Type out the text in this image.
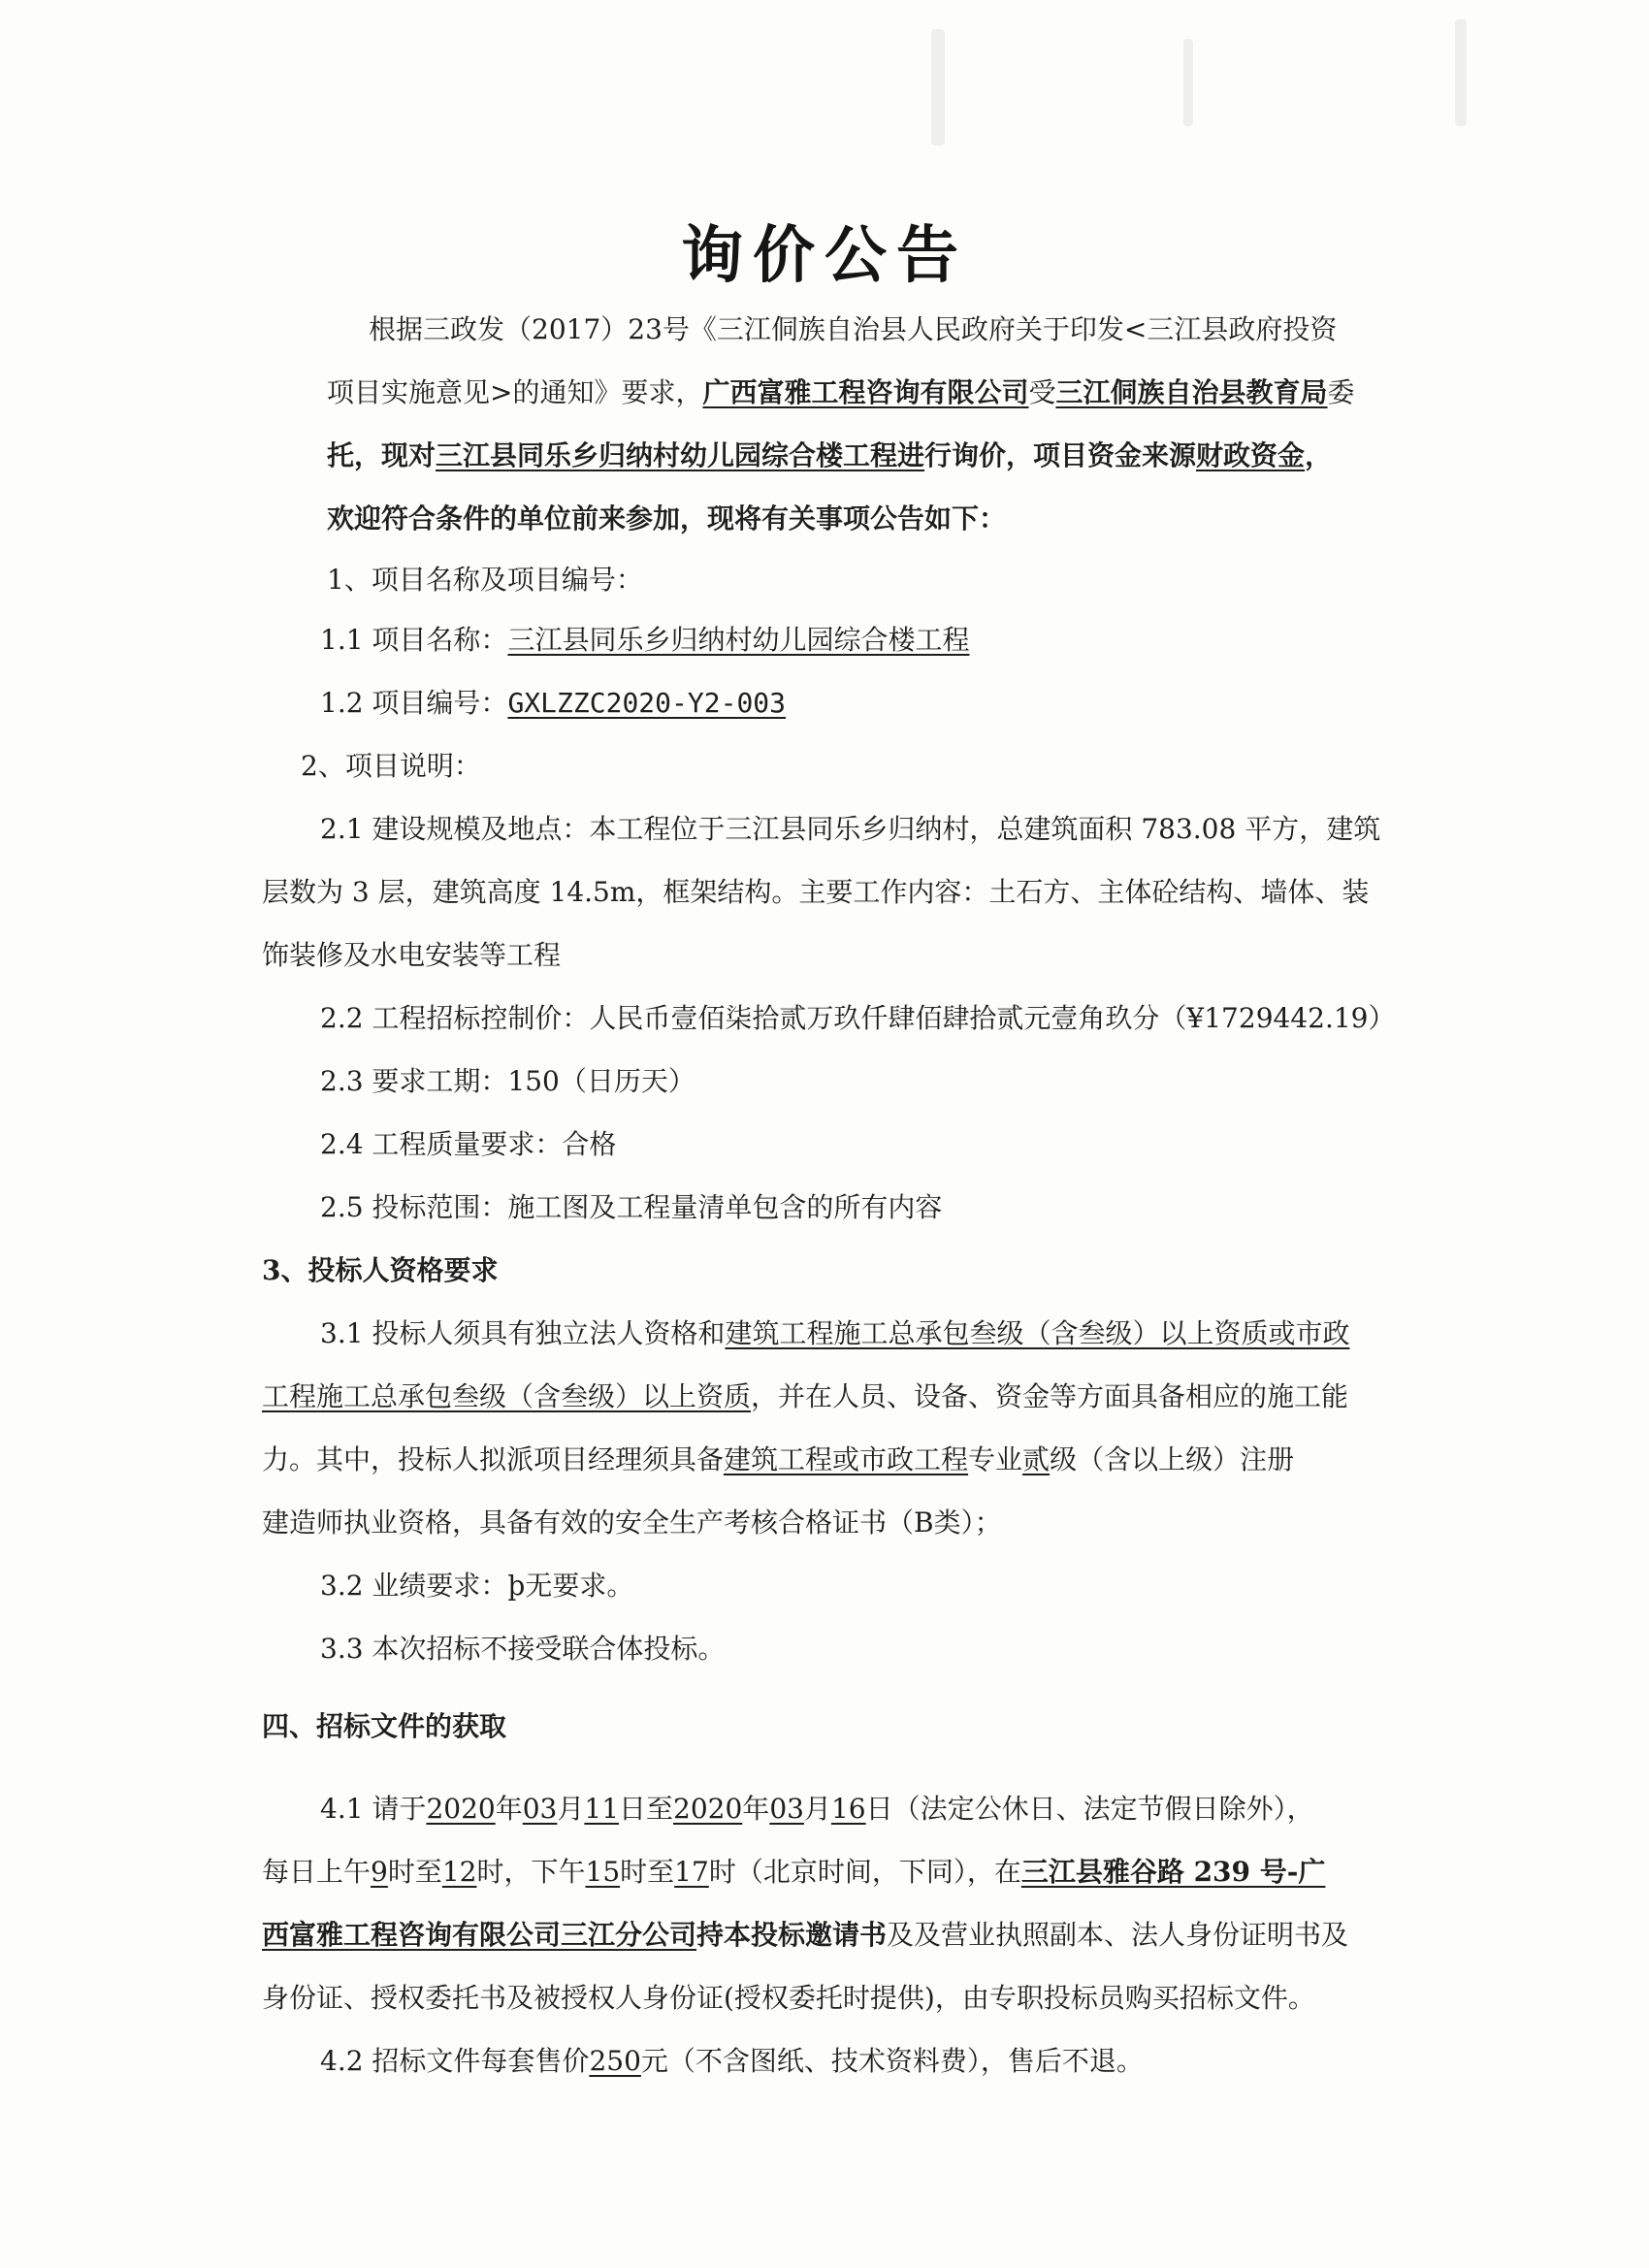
询价公告
根据三政发（2017）23号《三江侗族自治县人民政府关于印发<三江县政府投资
项目实施意见>的通知》要求，广西富雅工程咨询有限公司受三江侗族自治县教育局委
托，现对三江县同乐乡归纳村幼儿园综合楼工程进行询价，项目资金来源财政资金，
欢迎符合条件的单位前来参加，现将有关事项公告如下：
1、项目名称及项目编号：
1.1 项目名称：三江县同乐乡归纳村幼儿园综合楼工程
1.2 项目编号：GXLZZC2020-Y2-003
2、项目说明：
2.1 建设规模及地点：本工程位于三江县同乐乡归纳村，总建筑面积 783.08 平方，建筑
层数为 3 层，建筑高度 14.5m，框架结构。主要工作内容：土石方、主体砼结构、墙体、装
饰装修及水电安装等工程
2.2 工程招标控制价：人民币壹佰柒拾贰万玖仟肆佰肆拾贰元壹角玖分（¥1729442.19）
2.3 要求工期：150（日历天）
2.4 工程质量要求：合格
2.5 投标范围：施工图及工程量清单包含的所有内容
3、投标人资格要求
3.1 投标人须具有独立法人资格和建筑工程施工总承包叁级（含叁级）以上资质或市政
工程施工总承包叁级（含叁级）以上资质，并在人员、设备、资金等方面具备相应的施工能
力。其中，投标人拟派项目经理须具备建筑工程或市政工程专业贰级（含以上级）注册
建造师执业资格，具备有效的安全生产考核合格证书（B类）；
3.2 业绩要求：þ无要求。
3.3 本次招标不接受联合体投标。
四、招标文件的获取
4.1 请于2020年03月11日至2020年03月16日（法定公休日、法定节假日除外），
每日上午9时至12时，下午15时至17时（北京时间，下同），在三江县雅谷路 239 号-广
西富雅工程咨询有限公司三江分公司持本投标邀请书及及营业执照副本、法人身份证明书及
身份证、授权委托书及被授权人身份证(授权委托时提供)，由专职投标员购买招标文件。
4.2 招标文件每套售价250元（不含图纸、技术资料费），售后不退。
